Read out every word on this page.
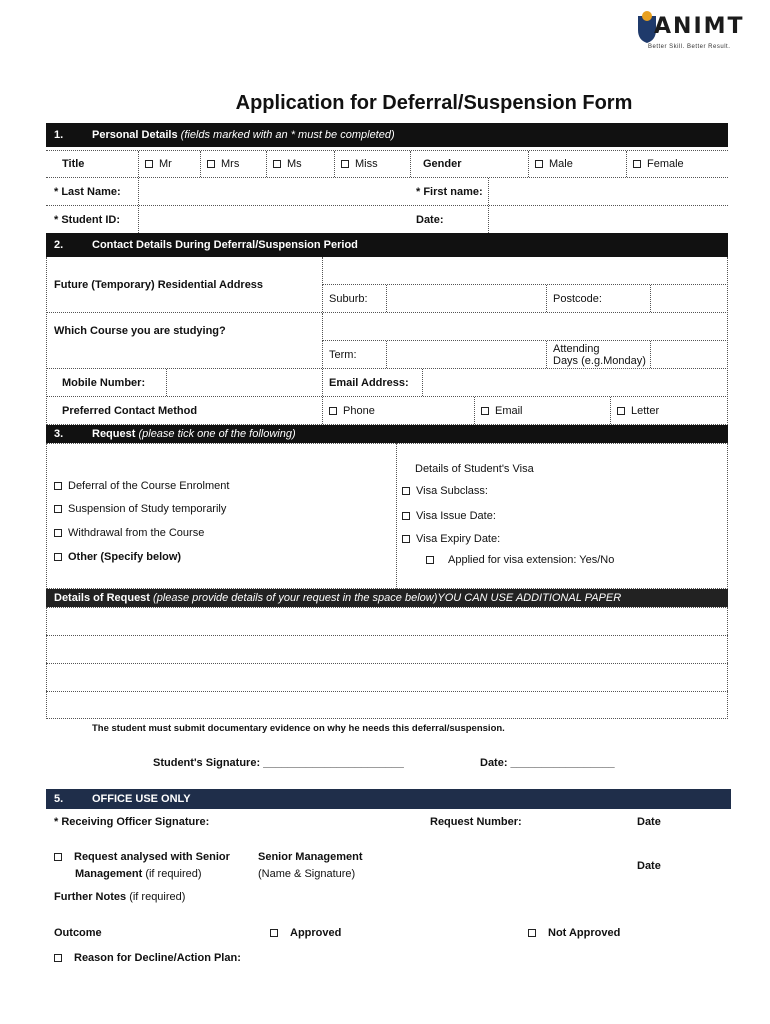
ANIMT
Better Skill. Better Result.
Application for Deferral/Suspension Form
1.	Personal Details (fields marked with an * must be completed)
Title	Mr	Mrs	Ms	Miss	Gender	Male	Female
* Last Name:	* First name:
* Student ID:	Date:
2.	Contact Details During Deferral/Suspension Period
Future (Temporary) Residential Address
Suburb:	Postcode:
Which Course you are studying?
Term:	Attending
Days (e.g.Monday)
Mobile Number:	Email Address:
Preferred Contact Method	Phone	Email	Letter
3.	Request (please tick one of the following)
Deferral of the Course Enrolment
Suspension of Study temporarily
Withdrawal from the Course
Other (Specify below)
Details of Student's Visa
Visa Subclass:
Visa Issue Date:
Visa Expiry Date:
Applied for visa extension: Yes/No
Details of Request (please provide details of your request in the space below)YOU CAN USE ADDITIONAL PAPER
The student must submit documentary evidence on why he needs this deferral/suspension.
Student's Signature: _______________________	Date: _________________
5.	OFFICE USE ONLY
* Receiving Officer Signature:	Request Number:	Date
Request analysed with Senior
Management (if required)
Senior Management
(Name & Signature)
Date
Further Notes (if required)
Outcome	Approved	Not Approved
Reason for Decline/Action Plan:
